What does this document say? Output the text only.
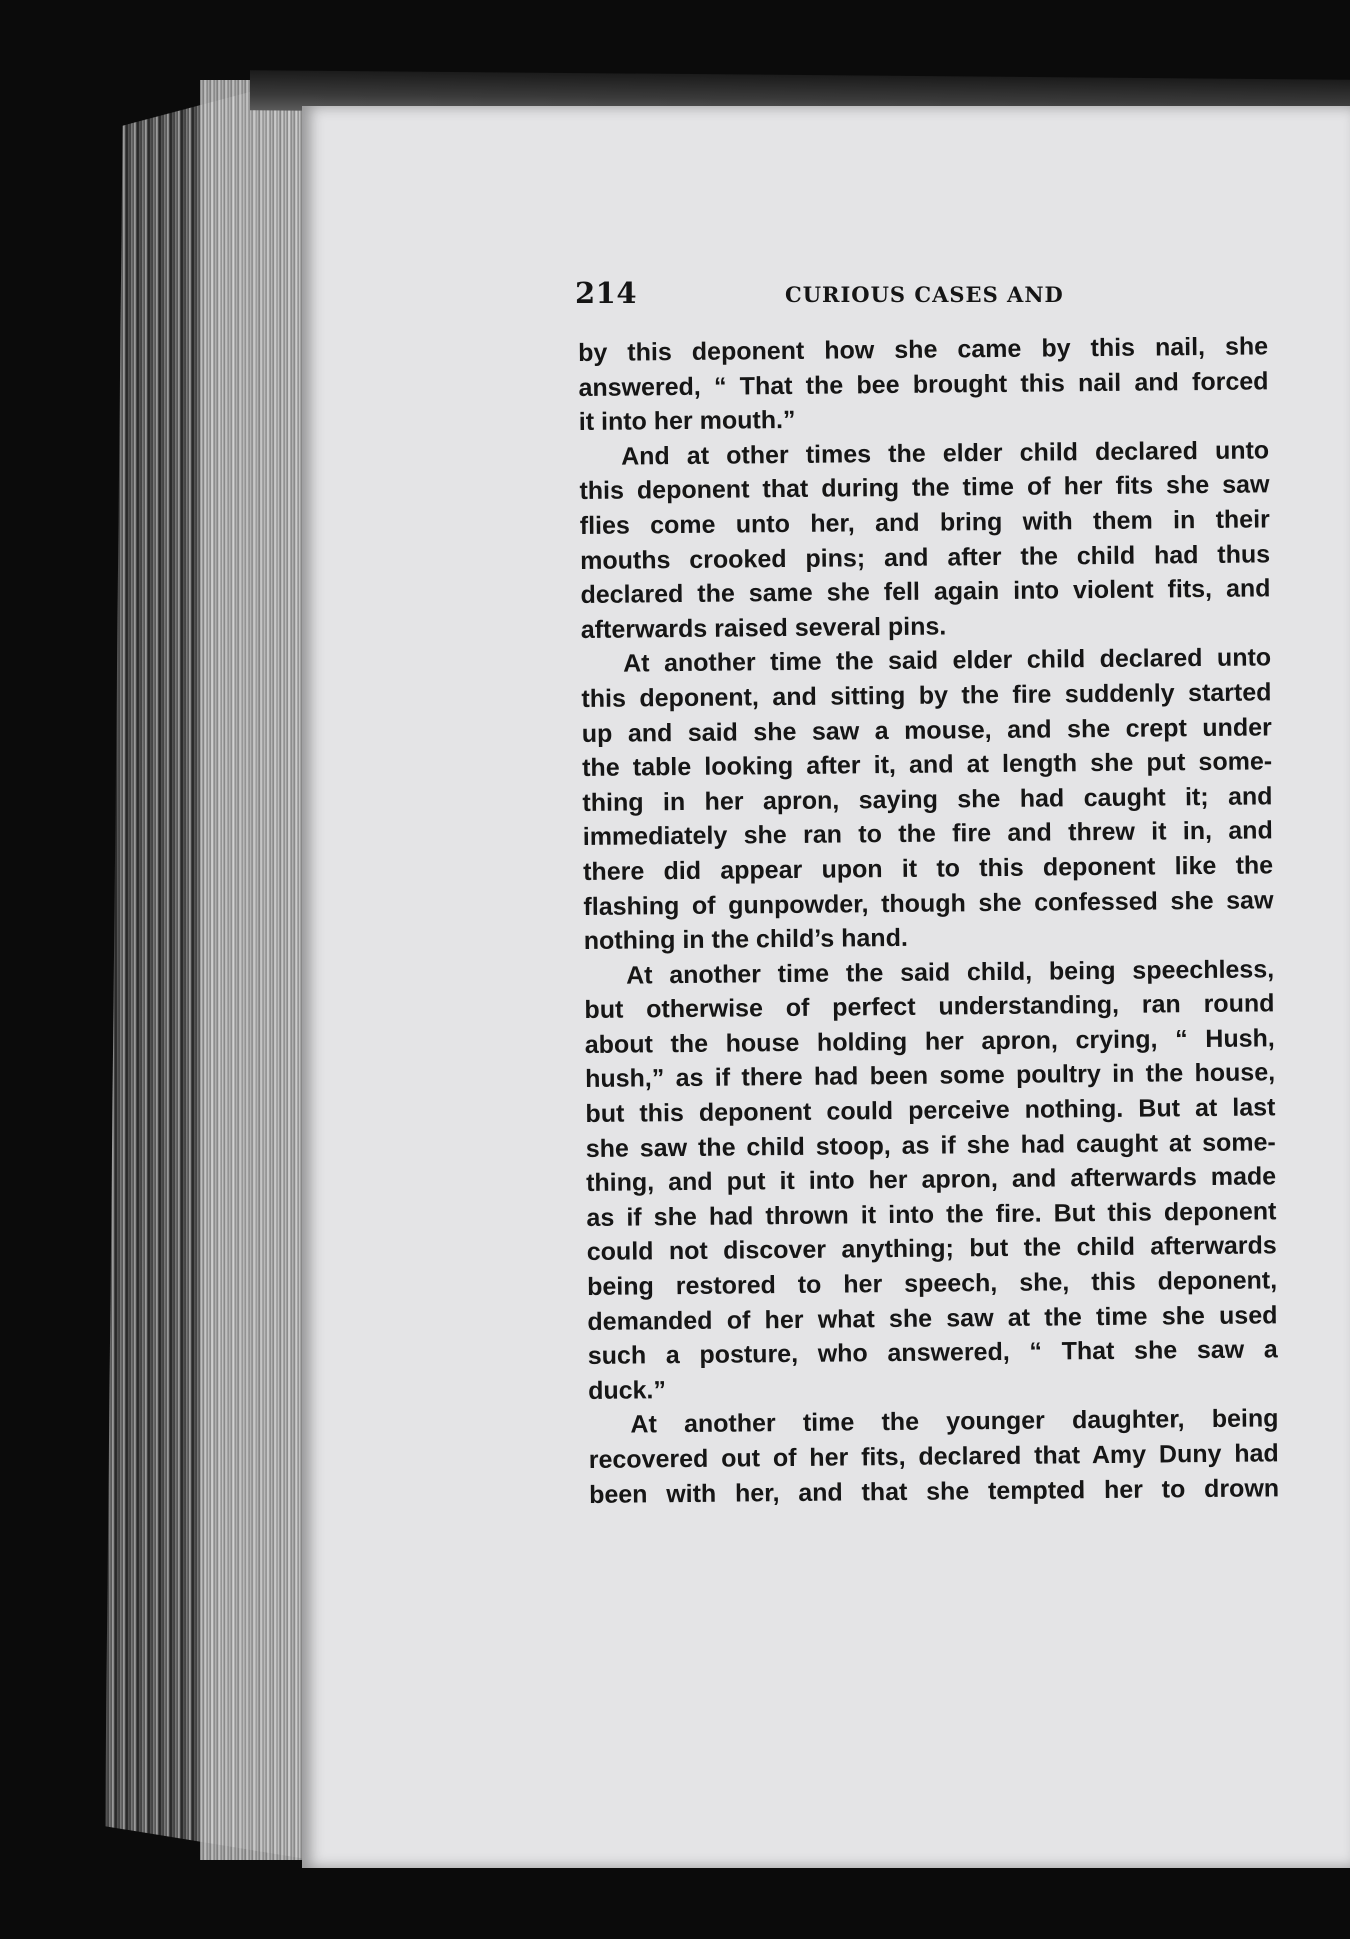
214	CURIOUS CASES AND
by this deponent how she came by this nail, she
answered, “ That the bee brought this nail and forced
it into her mouth.”
And at other times the elder child declared unto
this deponent that during the time of her fits she saw
flies come unto her, and bring with them in their
mouths crooked pins; and after the child had thus
declared the same she fell again into violent fits, and
afterwards raised several pins.
At another time the said elder child declared unto
this deponent, and sitting by the fire suddenly started
up and said she saw a mouse, and she crept under
the table looking after it, and at length she put some-
thing in her apron, saying she had caught it; and
immediately she ran to the fire and threw it in, and
there did appear upon it to this deponent like the
flashing of gunpowder, though she confessed she saw
nothing in the child’s hand.
At another time the said child, being speechless,
but otherwise of perfect understanding, ran round
about the house holding her apron, crying, “ Hush,
hush,” as if there had been some poultry in the house,
but this deponent could perceive nothing. But at last
she saw the child stoop, as if she had caught at some-
thing, and put it into her apron, and afterwards made
as if she had thrown it into the fire. But this deponent
could not discover anything; but the child afterwards
being restored to her speech, she, this deponent,
demanded of her what she saw at the time she used
such a posture, who answered, “ That she saw a
duck.”
At another time the younger daughter, being
recovered out of her fits, declared that Amy Duny had
been with her, and that she tempted her to drown
